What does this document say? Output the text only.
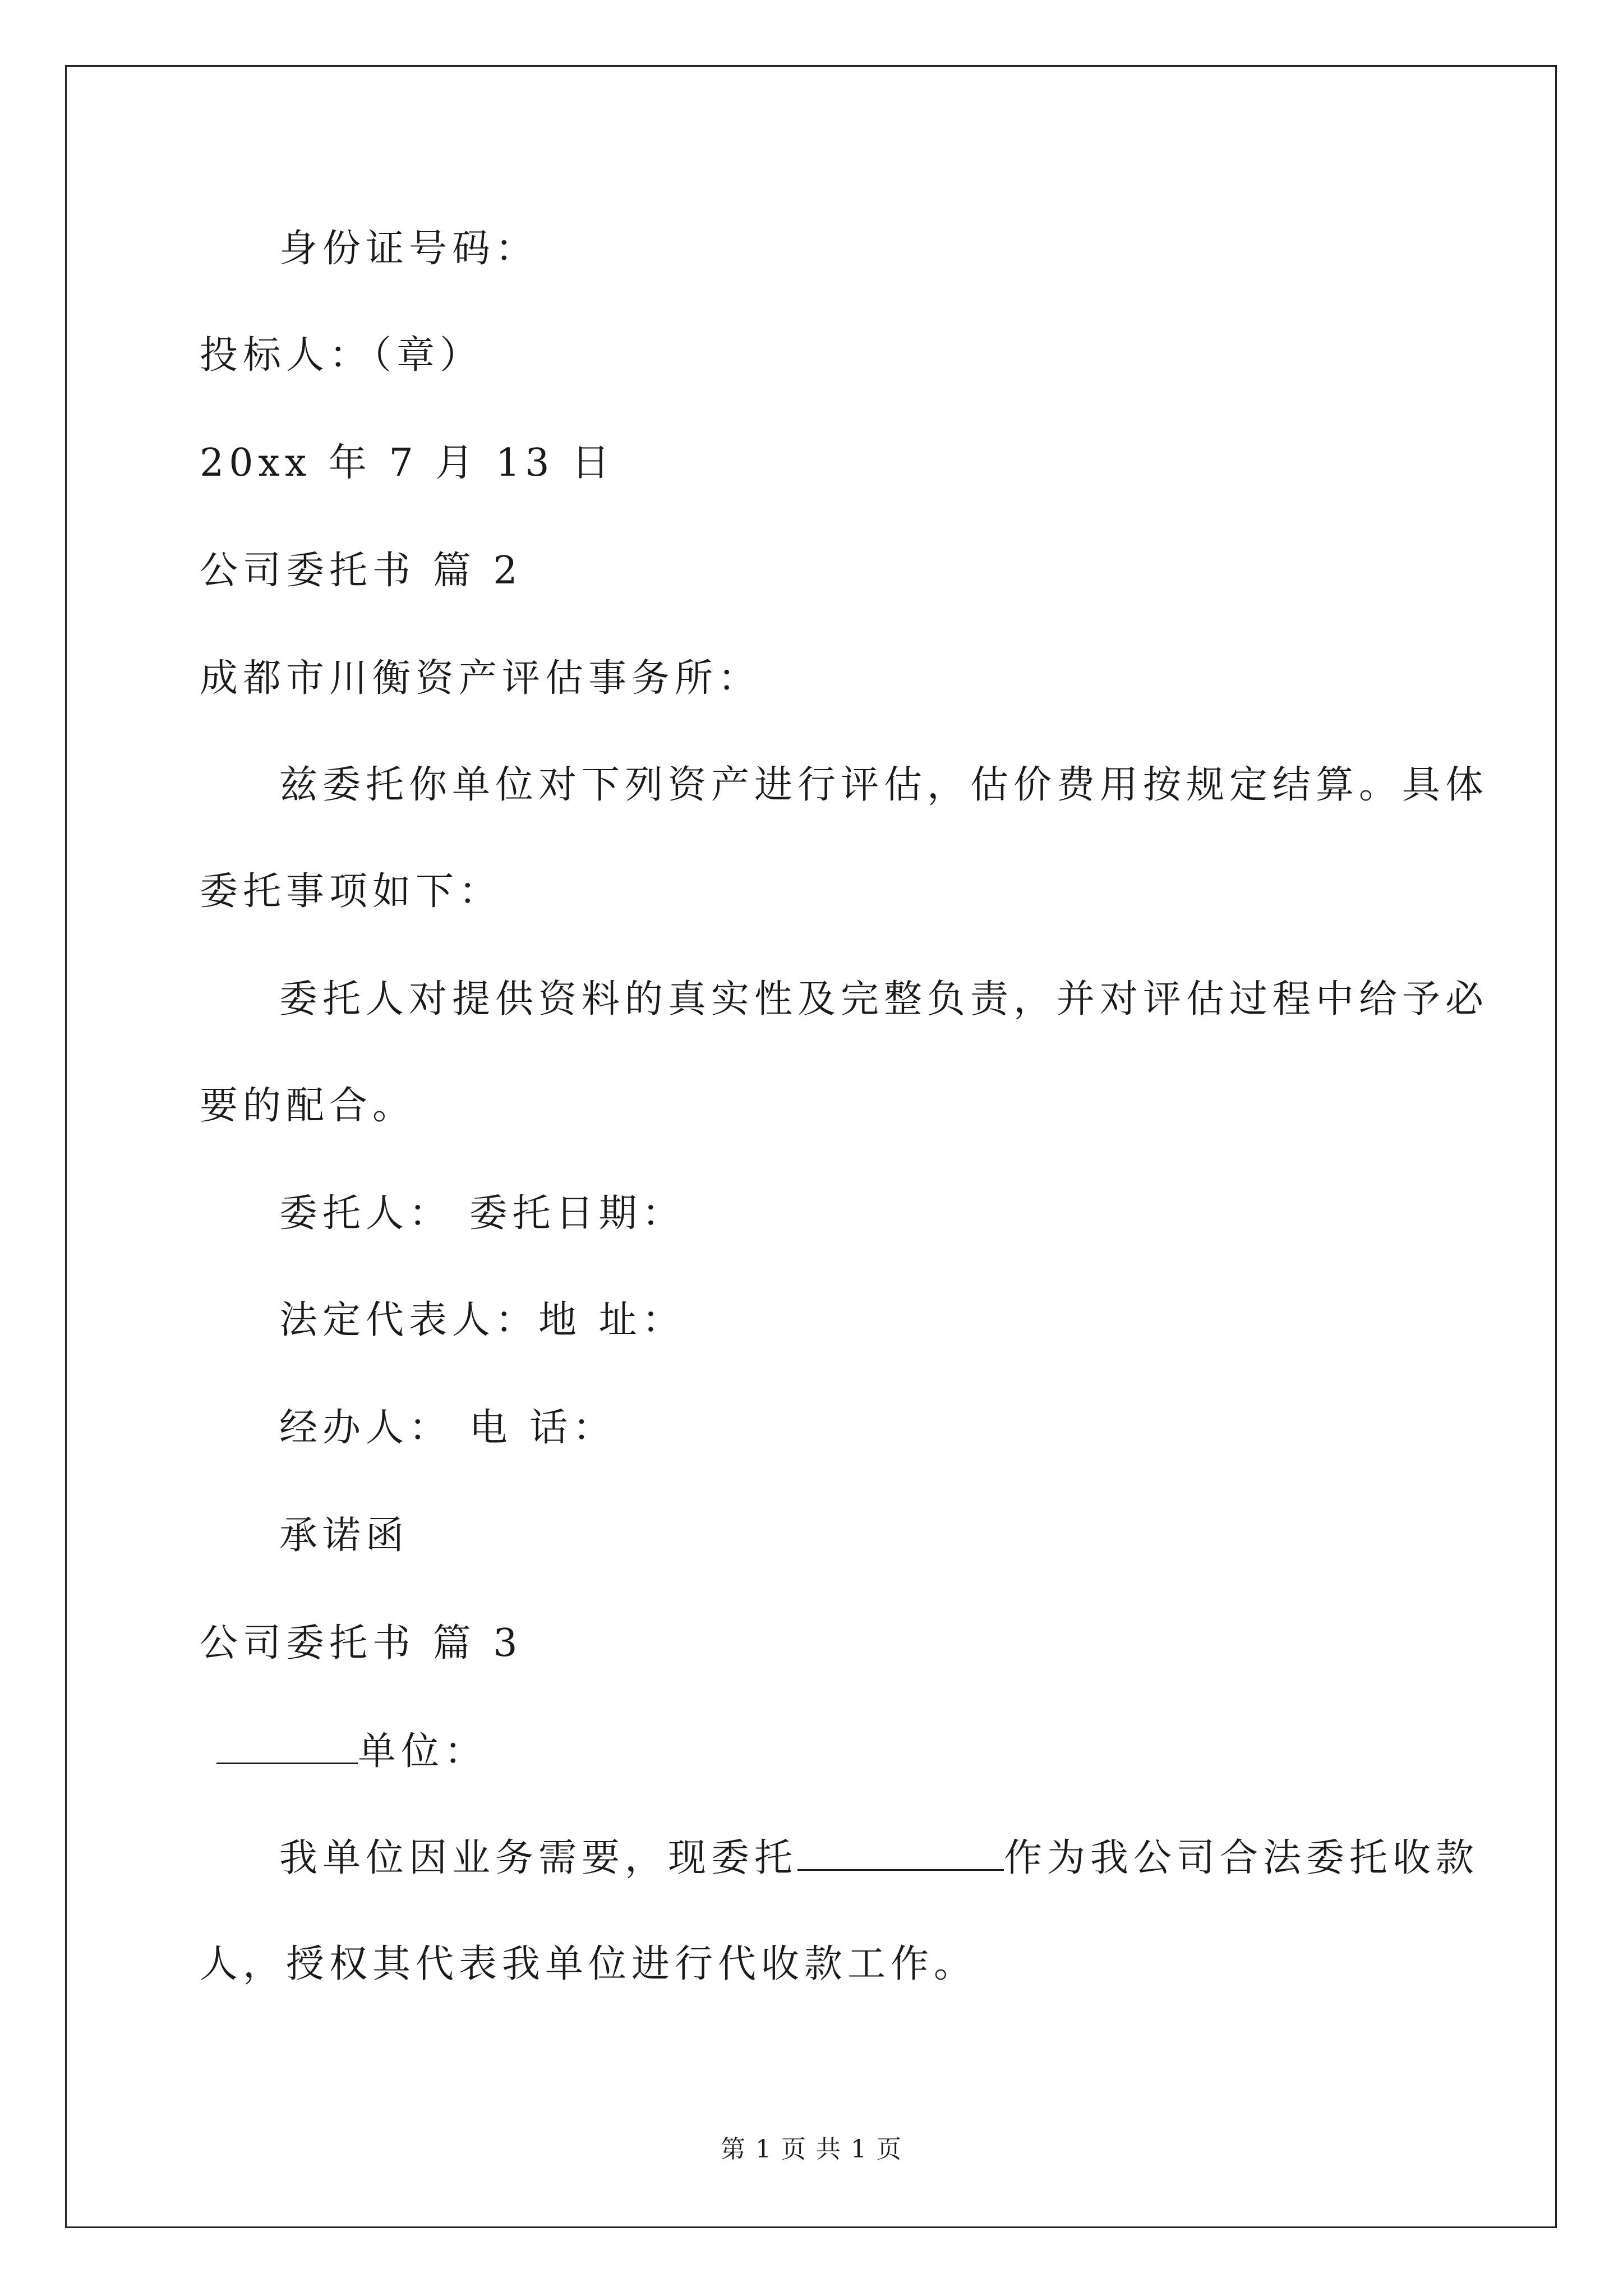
身份证号码：
投标人：（章）
20xx 年 7 月 13 日
公司委托书 篇 2
成都市川衡资产评估事务所：
兹委托你单位对下列资产进行评估，估价费用按规定结算。具体
委托事项如下：
委托人对提供资料的真实性及完整负责，并对评估过程中给予必
要的配合。
委托人： 委托日期：
法定代表人：地 址：
经办人： 电 话：
承诺函
公司委托书 篇 3
单位：
我单位因业务需要，现委托	作为我公司合法委托收款
人，授权其代表我单位进行代收款工作。
第 1 页 共 1 页
